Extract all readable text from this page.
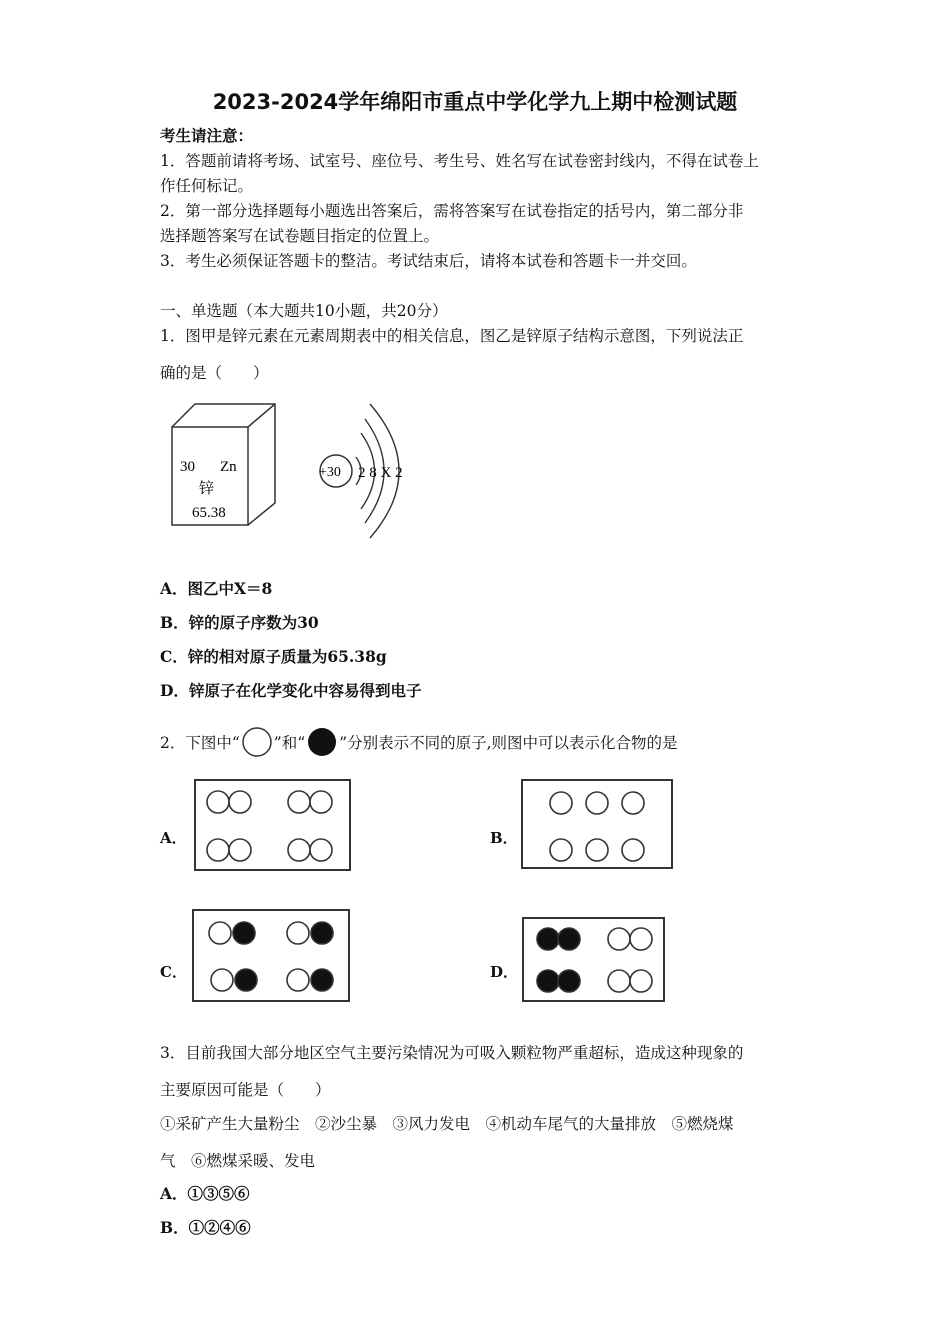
2023-2024学年绵阳市重点中学化学九上期中检测试题
考生请注意：
1．答题前请将考场、试室号、座位号、考生号、姓名写在试卷密封线内，不得在试卷上
作任何标记。
2．第一部分选择题每小题选出答案后，需将答案写在试卷指定的括号内，第二部分非
选择题答案写在试卷题目指定的位置上。
3．考生必须保证答题卡的整洁。考试结束后，请将本试卷和答题卡一并交回。
一、单选题（本大题共10小题，共20分）
1．图甲是锌元素在元素周期表中的相关信息，图乙是锌原子结构示意图，下列说法正
确的是（　　）
30 Zn
锌
65.38
+30 2 8 X 2
A．图乙中X＝8
B．锌的原子序数为30
C．锌的相对原子质量为65.38g
D．锌原子在化学变化中容易得到电子
2．下图中“ ”和“ ”分别表示不同的原子,则图中可以表示化合物的是
A．	B．
C．	D．
3．目前我国大部分地区空气主要污染情况为可吸入颗粒物严重超标，造成这种现象的
主要原因可能是（　　）
①采矿产生大量粉尘　②沙尘暴　③风力发电　④机动车尾气的大量排放　⑤燃烧煤
气　⑥燃煤采暖、发电
A．①③⑤⑥
B．①②④⑥
